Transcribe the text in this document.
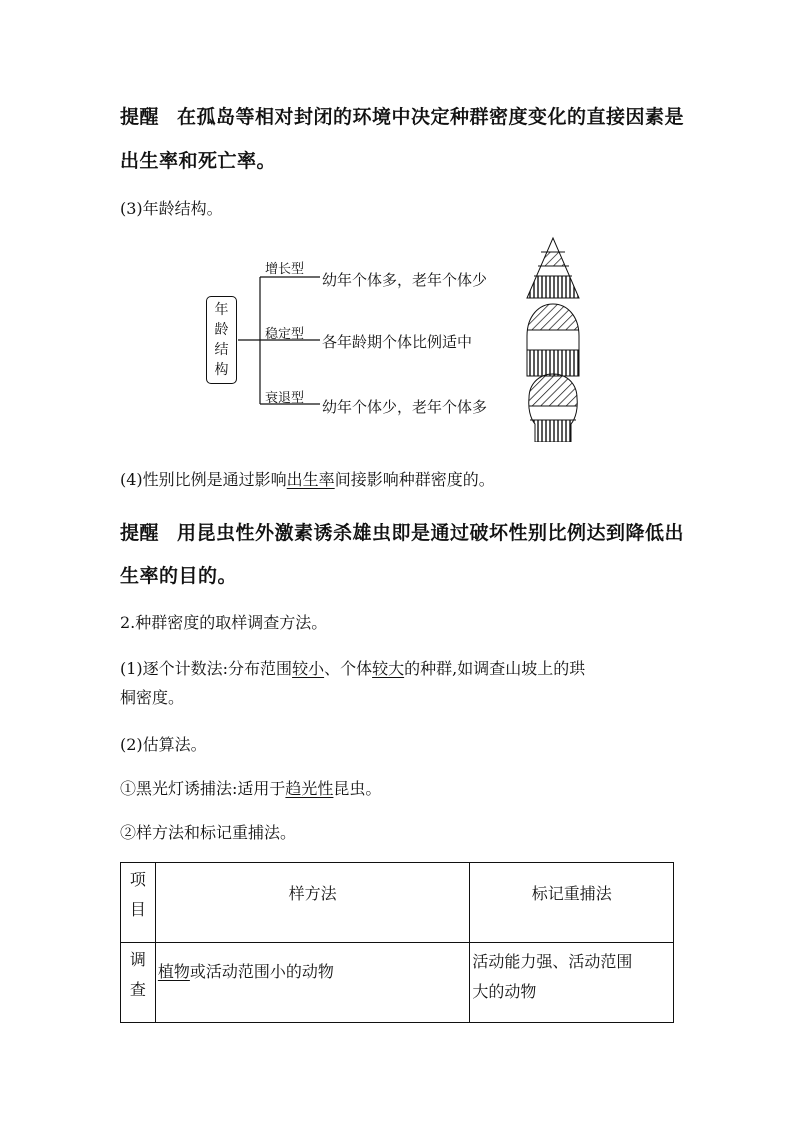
提醒 在孤岛等相对封闭的环境中决定种群密度变化的直接因素是
出生率和死亡率。
(3)年龄结构。
年
龄
结
构
增长型
幼年个体多，老年个体少
稳定型 各年龄期个体比例适中
衰退型 幼年个体少，老年个体多
(4)性别比例是通过影响出生率间接影响种群密度的。
提醒 用昆虫性外激素诱杀雄虫即是通过破坏性别比例达到降低出
生率的目的。
2.种群密度的取样调查方法。
(1)逐个计数法:分布范围较小、个体较大的种群,如调查山坡上的珙
桐密度。
(2)估算法。
①黑光灯诱捕法:适用于趋光性昆虫。
②样方法和标记重捕法。
项
目	样方法	标记重捕法
调
查	植物或活动范围小的动物	活动能力强、活动范围
大的动物
